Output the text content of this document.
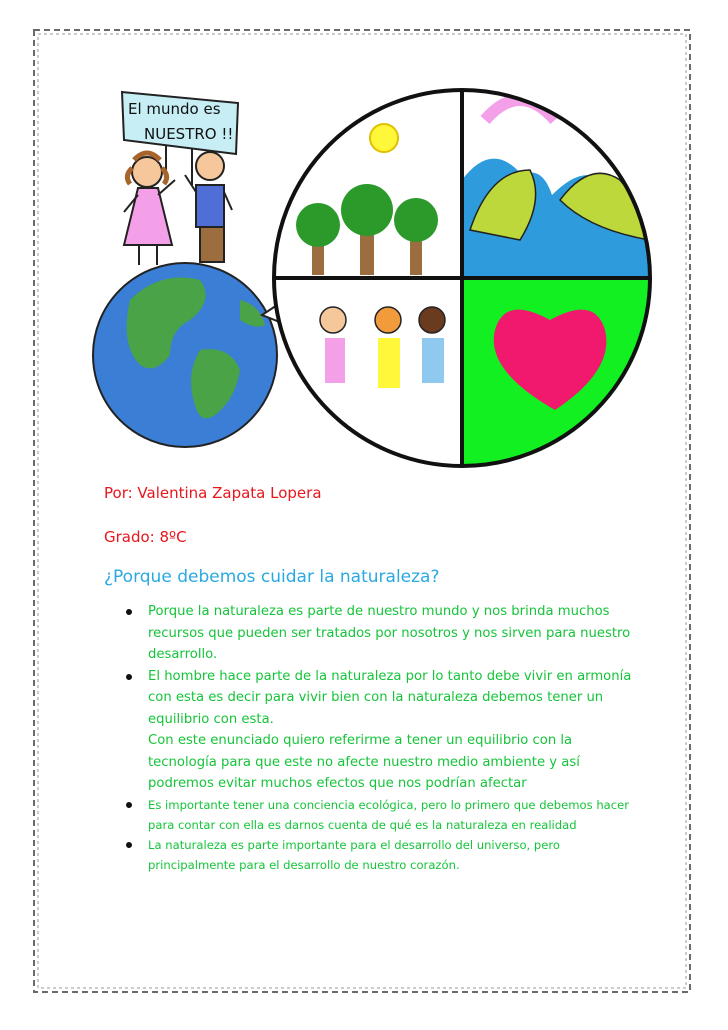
El mundo es
NUESTRO !!
Por: Valentina Zapata Lopera
Grado: 8ºC
¿Porque debemos cuidar la naturaleza?
Porque la naturaleza es parte de nuestro mundo y nos brinda muchos recursos que pueden ser tratados por nosotros y nos sirven para nuestro desarrollo.
El hombre hace parte de la naturaleza por lo tanto debe vivir en armonía con esta es decir para vivir bien con la naturaleza debemos tener un equilibrio con esta.
Con este enunciado quiero referirme a tener un equilibrio con la tecnología para que este no afecte nuestro medio ambiente y así podremos evitar muchos efectos que nos podrían afectar
Es importante tener una conciencia ecológica, pero lo primero que debemos hacer para contar con ella es darnos cuenta de qué es la naturaleza en realidad
La naturaleza es parte importante para el desarrollo del universo, pero principalmente para el desarrollo de nuestro corazón.
